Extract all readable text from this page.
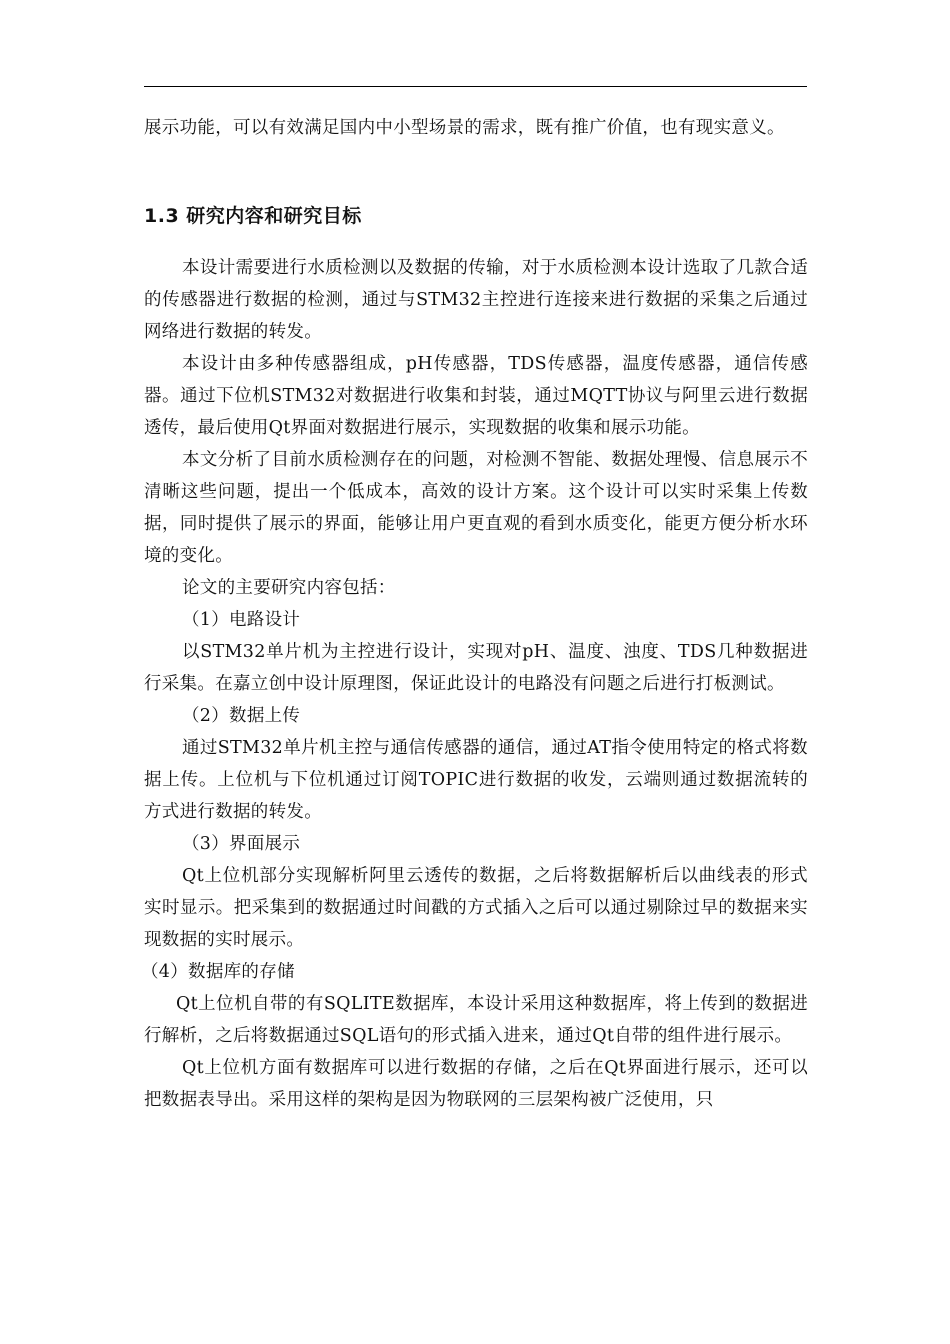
展示功能，可以有效满足国内中小型场景的需求，既有推广价值，也有现实意义。

1.3 研究内容和研究目标

本设计需要进行水质检测以及数据的传输，对于水质检测本设计选取了几款合适的传感器进行数据的检测，通过与STM32主控进行连接来进行数据的采集之后通过网络进行数据的转发。

本设计由多种传感器组成，pH传感器，TDS传感器，温度传感器，通信传感器。通过下位机STM32对数据进行收集和封装，通过MQTT协议与阿里云进行数据透传，最后使用Qt界面对数据进行展示，实现数据的收集和展示功能。

本文分析了目前水质检测存在的问题，对检测不智能、数据处理慢、信息展示不清晰这些问题，提出一个低成本，高效的设计方案。这个设计可以实时采集上传数据，同时提供了展示的界面，能够让用户更直观的看到水质变化，能更方便分析水环境的变化。

论文的主要研究内容包括：

（1）电路设计

以STM32单片机为主控进行设计，实现对pH、温度、浊度、TDS几种数据进行采集。在嘉立创中设计原理图，保证此设计的电路没有问题之后进行打板测试。

（2）数据上传

通过STM32单片机主控与通信传感器的通信，通过AT指令使用特定的格式将数据上传。上位机与下位机通过订阅TOPIC进行数据的收发，云端则通过数据流转的方式进行数据的转发。

（3）界面展示

Qt上位机部分实现解析阿里云透传的数据，之后将数据解析后以曲线表的形式实时显示。把采集到的数据通过时间戳的方式插入之后可以通过剔除过早的数据来实现数据的实时展示。

（4）数据库的存储

Qt上位机自带的有SQLITE数据库，本设计采用这种数据库，将上传到的数据进行解析，之后将数据通过SQL语句的形式插入进来，通过Qt自带的组件进行展示。

Qt上位机方面有数据库可以进行数据的存储，之后在Qt界面进行展示，还可以把数据表导出。采用这样的架构是因为物联网的三层架构被广泛使用，只
